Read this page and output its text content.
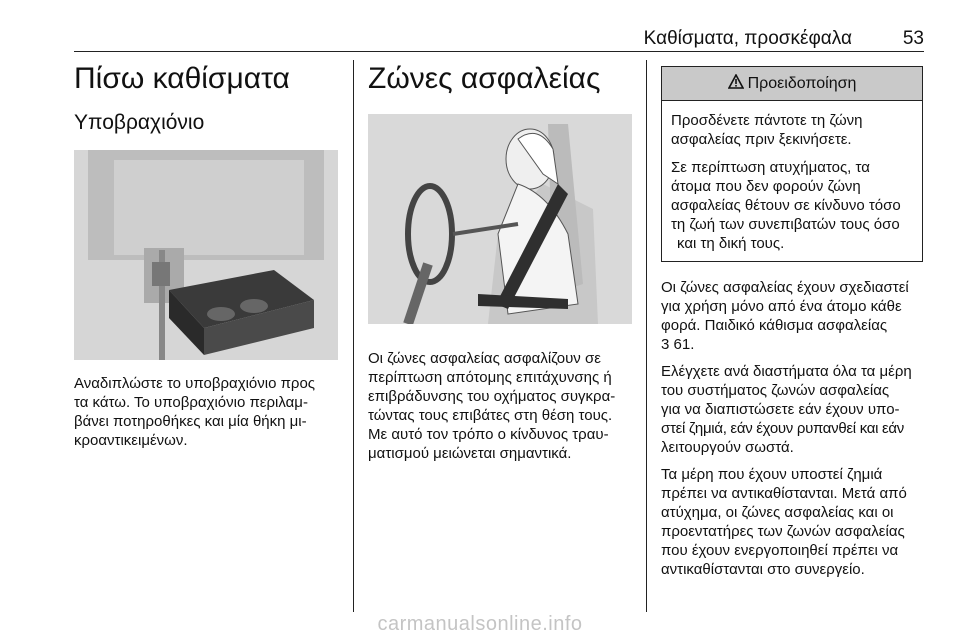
Καθίσματα, προσκέφαλα	53
Πίσω καθίσματα
Υποβραχιόνιο

Αναδιπλώστε το υποβραχιόνιο προς

τα κάτω. Το υποβραχιόνιο περιλαμ-

βάνει ποτηροθήκες και μία θήκη μι-

κροαντικειμένων.

Ζώνες ασφαλείας

Οι ζώνες ασφαλείας ασφαλίζουν σε

περίπτωση απότομης επιτάχυνσης ή

επιβράδυνσης του οχήματος συγκρα-

τώντας τους επιβάτες στη θέση τους.

Με αυτό τον τρόπο ο κίνδυνος τραυ-

ματισμού μειώνεται σημαντικά.

Προειδοποίηση

Προσδένετε πάντοτε τη ζώνη

ασφαλείας πριν ξεκινήσετε.

Σε περίπτωση ατυχήματος, τα

άτομα που δεν φορούν ζώνη

ασφαλείας θέτουν σε κίνδυνο τόσο

τη ζωή των συνεπιβατών τους όσο

και τη δική τους.

Οι ζώνες ασφαλείας έχουν σχεδιαστεί

για χρήση μόνο από ένα άτομο κάθε

φορά. Παιδικό κάθισμα ασφαλείας

3 61.

Ελέγχετε ανά διαστήματα όλα τα μέρη

του συστήματος ζωνών ασφαλείας

για να διαπιστώσετε εάν έχουν υπο-

στεί ζημιά, εάν έχουν ρυπανθεί και εάν

λειτουργούν σωστά.

Τα μέρη που έχουν υποστεί ζημιά

πρέπει να αντικαθίστανται. Μετά από

ατύχημα, οι ζώνες ασφαλείας και οι

προεντατήρες των ζωνών ασφαλείας

που έχουν ενεργοποιηθεί πρέπει να

αντικαθίστανται στο συνεργείο.

carmanualsonline.info
